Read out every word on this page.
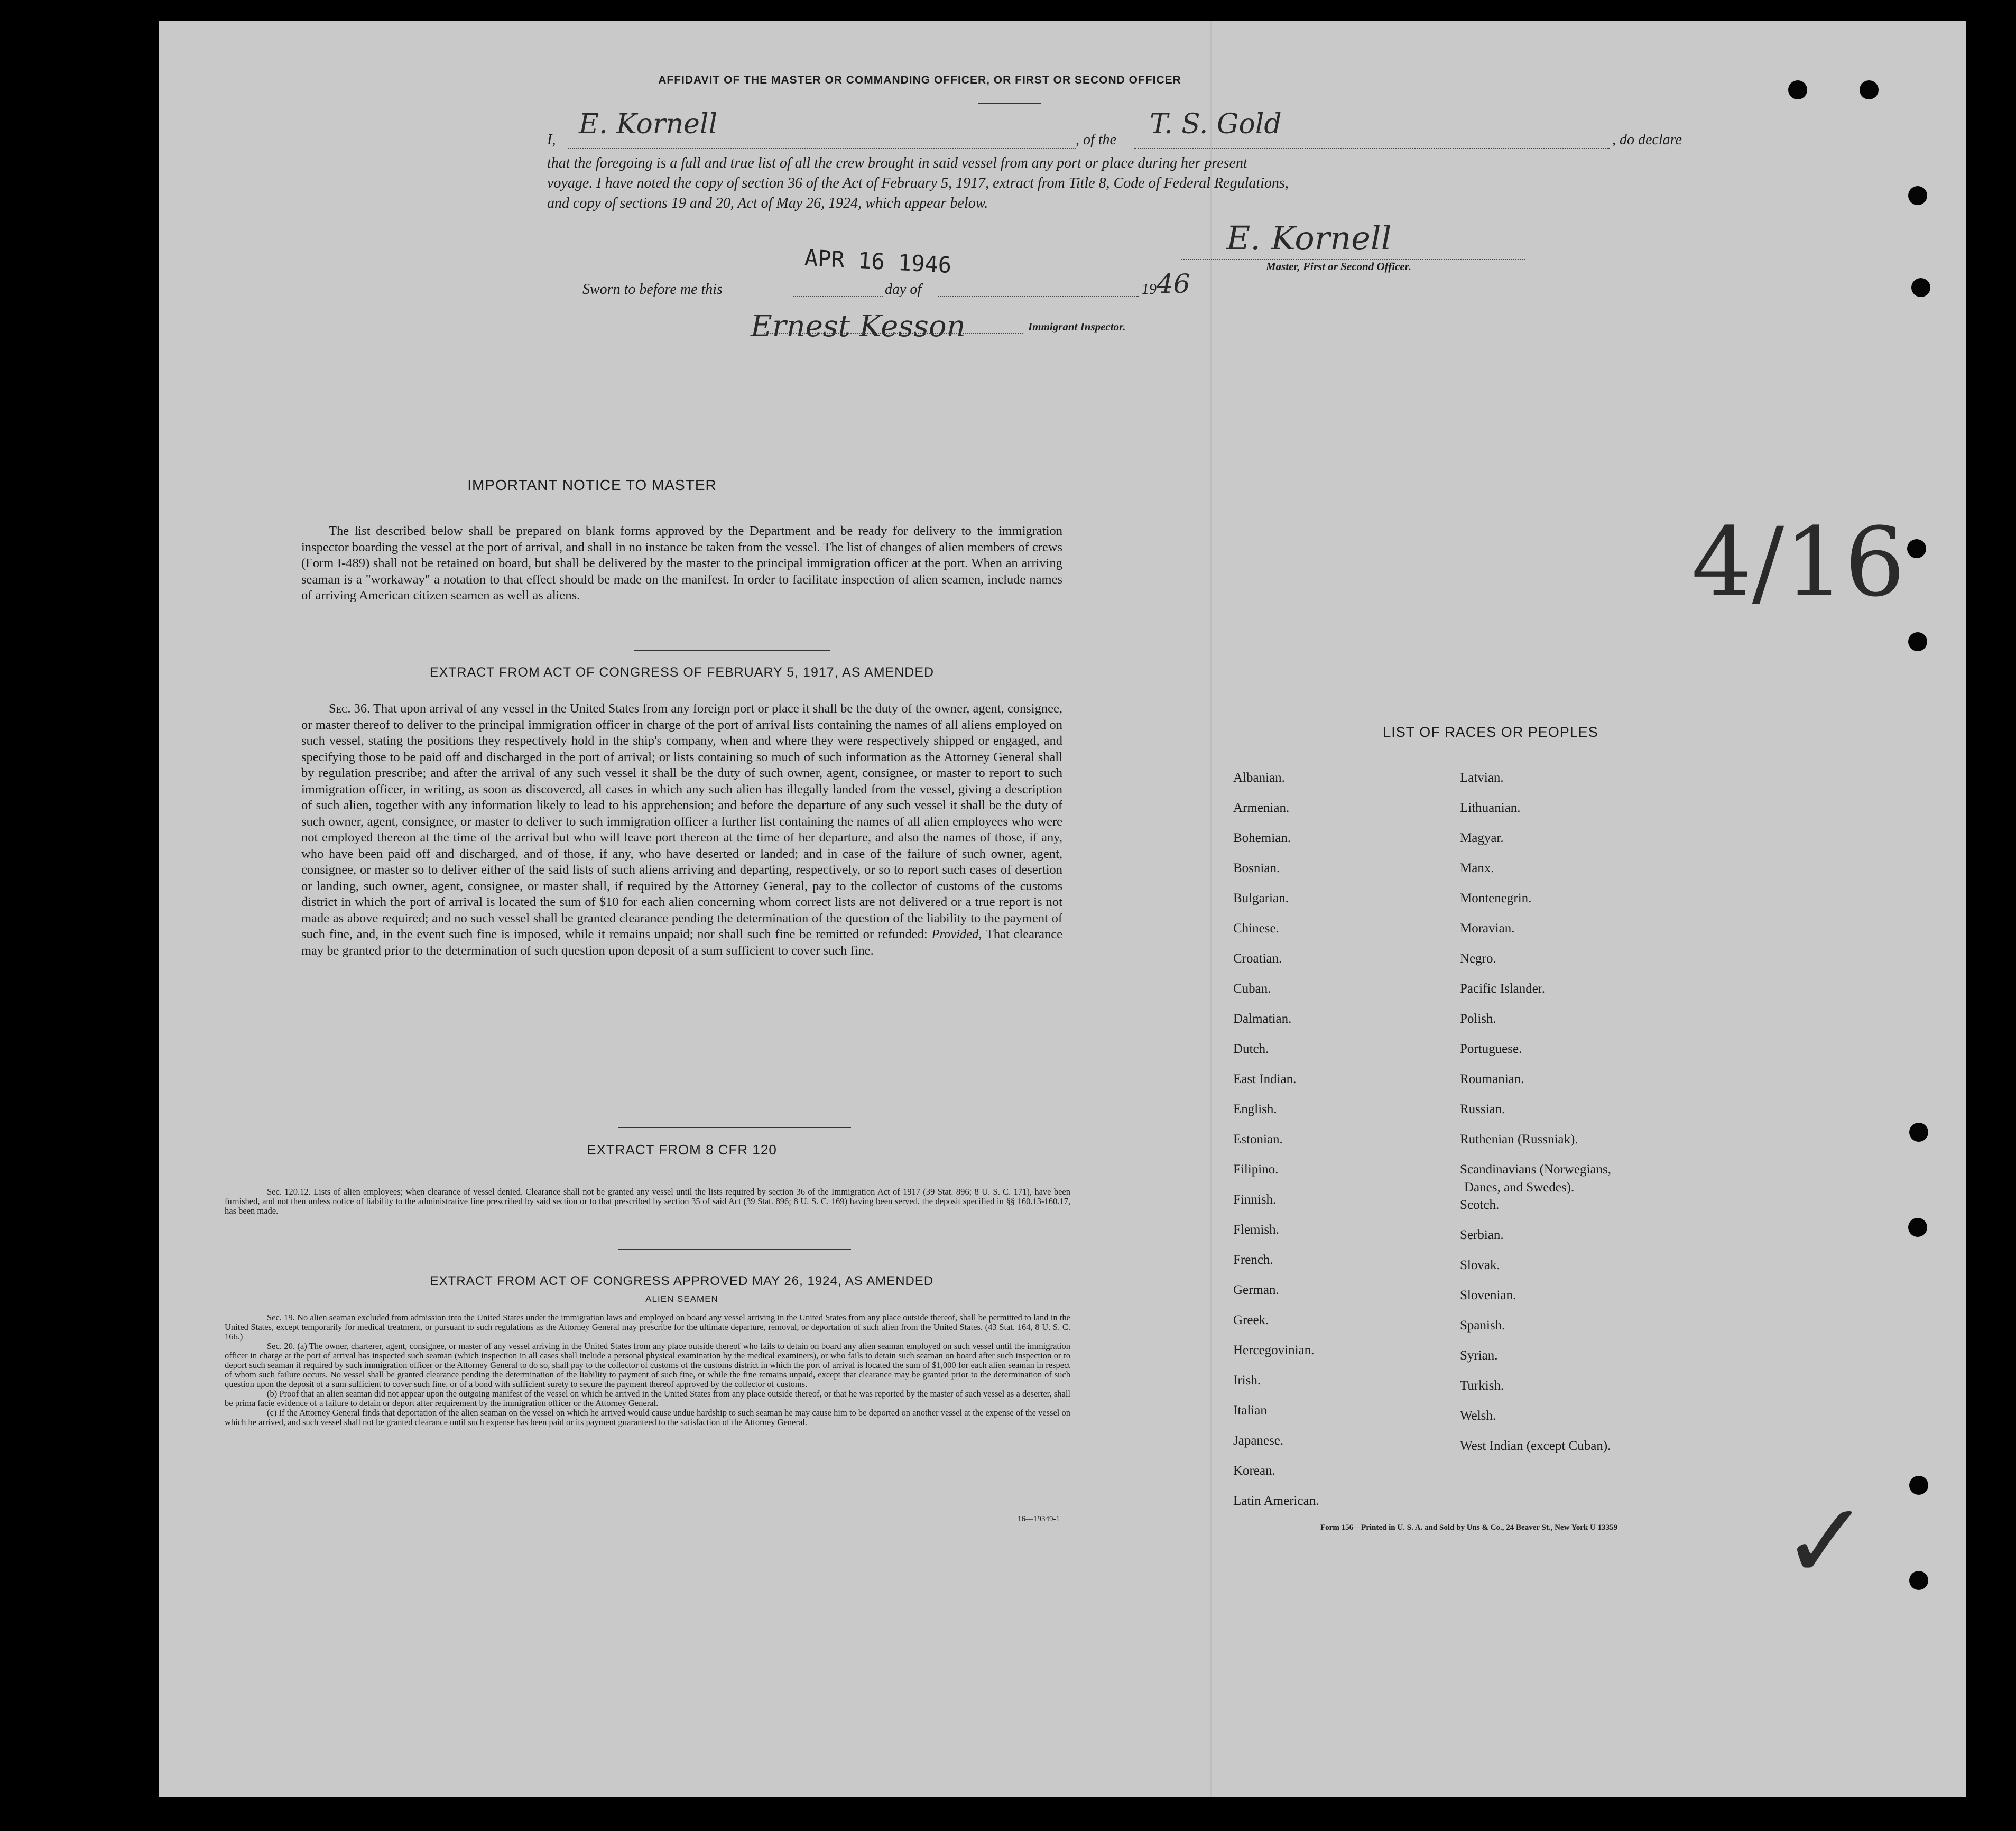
AFFIDAVIT OF THE MASTER OR COMMANDING OFFICER, OR FIRST OR SECOND OFFICER
I, E. Kornell	, of the T. S. Gold	, do declare
that the foregoing is a full and true list of all the crew brought in said vessel from any port or place during her present
voyage. I have noted the copy of section 36 of the Act of February 5, 1917, extract from Title 8, Code of Federal Regulations,
and copy of sections 19 and 20, Act of May 26, 1924, which appear below.
E. Kornell
Master, First or Second Officer.
Sworn to before me this
APR 16 1946
day of	19 46
Ernest Kesson	Immigrant Inspector.
IMPORTANT NOTICE TO MASTER
The list described below shall be prepared on blank forms approved by the Department and be ready for delivery to the immigration inspector boarding the vessel at the port of arrival, and shall in no instance be taken from the vessel. The list of changes of alien members of crews (Form I-489) shall not be retained on board, but shall be delivered by the master to the principal immigration officer at the port. When an arriving seaman is a "workaway" a notation to that effect should be made on the manifest. In order to facilitate inspection of alien seamen, include names of arriving American citizen seamen as well as aliens.
EXTRACT FROM ACT OF CONGRESS OF FEBRUARY 5, 1917, AS AMENDED
Sec. 36. That upon arrival of any vessel in the United States from any foreign port or place it shall be the duty of the owner, agent, consignee, or master thereof to deliver to the principal immigration officer in charge of the port of arrival lists containing the names of all aliens employed on such vessel, stating the positions they respectively hold in the ship's company, when and where they were respectively shipped or engaged, and specifying those to be paid off and discharged in the port of arrival; or lists containing so much of such information as the Attorney General shall by regulation prescribe; and after the arrival of any such vessel it shall be the duty of such owner, agent, consignee, or master to report to such immigration officer, in writing, as soon as discovered, all cases in which any such alien has illegally landed from the vessel, giving a description of such alien, together with any information likely to lead to his apprehension; and before the departure of any such vessel it shall be the duty of such owner, agent, consignee, or master to deliver to such immigration officer a further list containing the names of all alien employees who were not employed thereon at the time of the arrival but who will leave port thereon at the time of her departure, and also the names of those, if any, who have been paid off and discharged, and of those, if any, who have deserted or landed; and in case of the failure of such owner, agent, consignee, or master so to deliver either of the said lists of such aliens arriving and departing, respectively, or so to report such cases of desertion or landing, such owner, agent, consignee, or master shall, if required by the Attorney General, pay to the collector of customs of the customs district in which the port of arrival is located the sum of $10 for each alien concerning whom correct lists are not delivered or a true report is not made as above required; and no such vessel shall be granted clearance pending the determination of the question of the liability to the payment of such fine, and, in the event such fine is imposed, while it remains unpaid; nor shall such fine be remitted or refunded: Provided, That clearance may be granted prior to the determination of such question upon deposit of a sum sufficient to cover such fine.
EXTRACT FROM 8 CFR 120
Sec. 120.12. Lists of alien employees; when clearance of vessel denied. Clearance shall not be granted any vessel until the lists required by section 36 of the Immigration Act of 1917 (39 Stat. 896; 8 U. S. C. 171), have been furnished, and not then unless notice of liability to the administrative fine prescribed by said section or to that prescribed by section 35 of said Act (39 Stat. 896; 8 U. S. C. 169) having been served, the deposit specified in §§ 160.13-160.17, has been made.
EXTRACT FROM ACT OF CONGRESS APPROVED MAY 26, 1924, AS AMENDED
ALIEN SEAMEN
Sec. 19. No alien seaman excluded from admission into the United States under the immigration laws and employed on board any vessel arriving in the United States from any place outside thereof, shall be permitted to land in the United States, except temporarily for medical treatment, or pursuant to such regulations as the Attorney General may prescribe for the ultimate departure, removal, or deportation of such alien from the United States. (43 Stat. 164, 8 U. S. C. 166.)
Sec. 20. (a) The owner, charterer, agent, consignee, or master of any vessel arriving in the United States from any place outside thereof who fails to detain on board any alien seaman employed on such vessel until the immigration officer in charge at the port of arrival has inspected such seaman (which inspection in all cases shall include a personal physical examination by the medical examiners), or who fails to detain such seaman on board after such inspection or to deport such seaman if required by such immigration officer or the Attorney General to do so, shall pay to the collector of customs of the customs district in which the port of arrival is located the sum of $1,000 for each alien seaman in respect of whom such failure occurs. No vessel shall be granted clearance pending the determination of the liability to payment of such fine, or while the fine remains unpaid, except that clearance may be granted prior to the determination of such question upon the deposit of a sum sufficient to cover such fine, or of a bond with sufficient surety to secure the payment thereof approved by the collector of customs.
(b) Proof that an alien seaman did not appear upon the outgoing manifest of the vessel on which he arrived in the United States from any place outside thereof, or that he was reported by the master of such vessel as a deserter, shall be prima facie evidence of a failure to detain or deport after requirement by the immigration officer or the Attorney General.
(c) If the Attorney General finds that deportation of the alien seaman on the vessel on which he arrived would cause undue hardship to such seaman he may cause him to be deported on another vessel at the expense of the vessel on which he arrived, and such vessel shall not be granted clearance until such expense has been paid or its payment guaranteed to the satisfaction of the Attorney General.
16—19349-1
LIST OF RACES OR PEOPLES
Albanian.
Armenian.
Bohemian.
Bosnian.
Bulgarian.
Chinese.
Croatian.
Cuban.
Dalmatian.
Dutch.
East Indian.
English.
Estonian.
Filipino.
Finnish.
Flemish.
French.
German.
Greek.
Hercegovinian.
Irish.
Italian
Japanese.
Korean.
Latin American.
Latvian.
Lithuanian.
Magyar.
Manx.
Montenegrin.
Moravian.
Negro.
Pacific Islander.
Polish.
Portuguese.
Roumanian.
Russian.
Ruthenian (Russniak).
Scandinavians (Norwegians,
Danes, and Swedes).
Scotch.
Serbian.
Slovak.
Slovenian.
Spanish.
Syrian.
Turkish.
Welsh.
West Indian (except Cuban).
Form 156—Printed in U. S. A. and Sold by Uns & Co., 24 Beaver St., New York U 13359
4/16
✓
